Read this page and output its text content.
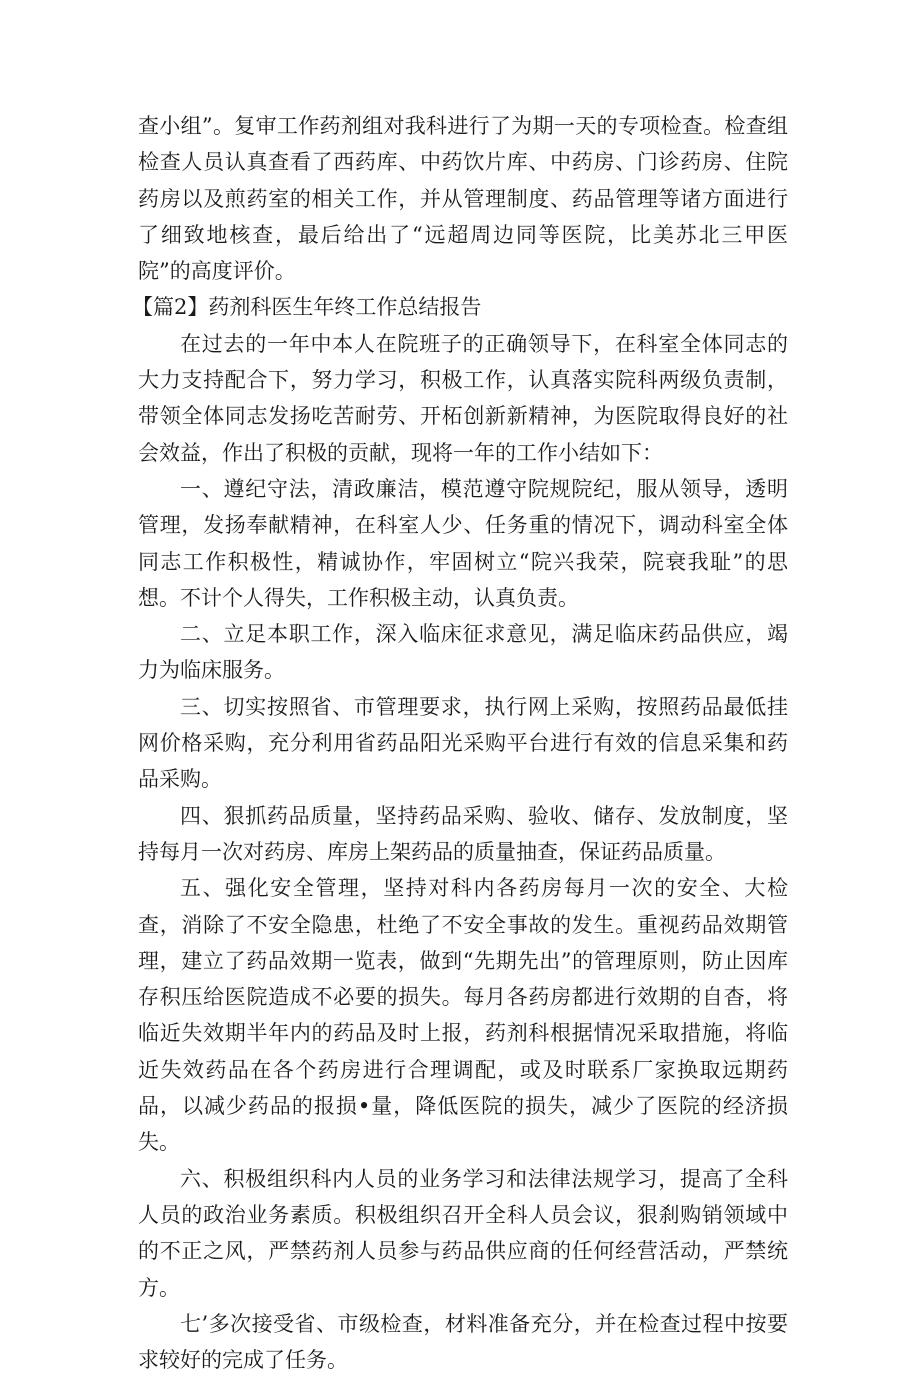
查小组”。复审工作药剂组对我科进行了为期一天的专项检查。检查组检查人员认真查看了西药库、中药饮片库、中药房、门诊药房、住院药房以及煎药室的相关工作，并从管理制度、药品管理等诸方面进行了细致地核查，最后给出了“远超周边同等医院，比美苏北三甲医院”的高度评价。

【篇2】药剂科医生年终工作总结报告

在过去的一年中本人在院班子的正确领导下，在科室全体同志的大力支持配合下，努力学习，积极工作，认真落实院科两级负责制，带领全体同志发扬吃苦耐劳、开柘创新新精神，为医院取得良好的社会效益，作出了积极的贡献，现将一年的工作小结如下：

一、遵纪守法，清政廉洁，模范遵守院规院纪，服从领导，透明管理，发扬奉献精神，在科室人少、任务重的情况下，调动科室全体同志工作积极性，精诚协作，牢固树立“院兴我荣，院衰我耻”的思想。不计个人得失，工作积极主动，认真负责。

二、立足本职工作，深入临床征求意见，满足临床药品供应，竭力为临床服务。

三、切实按照省、市管理要求，执行网上采购，按照药品最低挂网价格采购，充分利用省药品阳光采购平台进行有效的信息采集和药品采购。

四、狠抓药品质量，坚持药品采购、验收、储存、发放制度，坚持每月一次对药房、库房上架药品的质量抽查，保证药品质量。

五、强化安全管理，坚持对科内各药房每月一次的安全、大检查，消除了不安全隐患，杜绝了不安全事故的发生。重视药品效期管理，建立了药品效期一览表，做到“先期先出”的管理原则，防止因库存积压给医院造成不必要的损失。每月各药房都进行效期的自杳，将临近失效期半年内的药品及时上报，药剂科根据情况采取措施，将临近失效药品在各个药房进行合理调配，或及时联系厂家换取远期药品，以减少药品的报损•量，降低医院的损失，减少了医院的经济损失。

六、积极组织科内人员的业务学习和法律法规学习，提高了全科人员的政治业务素质。积极组织召开全科人员会议，狠刹购销领域中的不正之风，严禁药剂人员参与药品供应商的任何经营活动，严禁统方。

七’多次接受省、市级检查，材料准备充分，并在检查过程中按要求较好的完成了任务。
